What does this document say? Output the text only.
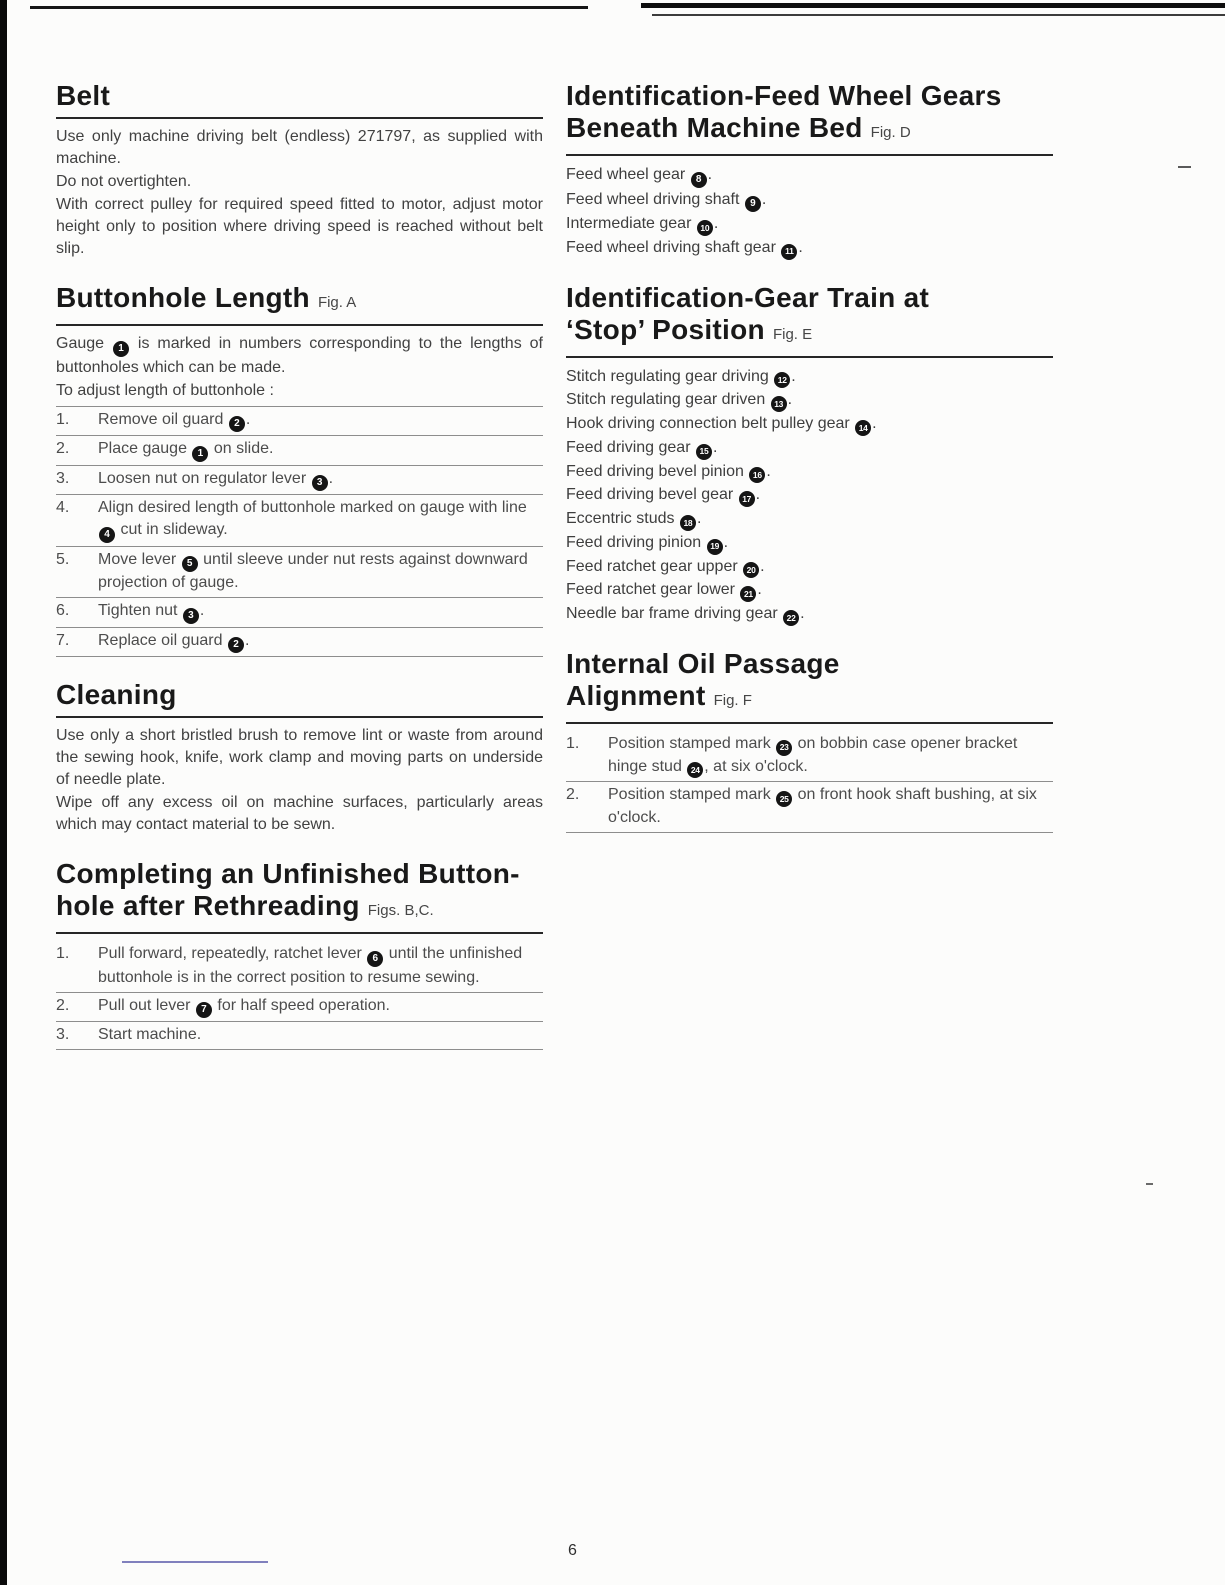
Belt
Use only machine driving belt (endless) 271797, as supplied with machine.
Do not overtighten.
With correct pulley for required speed fitted to motor, adjust motor height only to position where driving speed is reached without belt slip.
Buttonhole Length Fig. A
Gauge 1 is marked in numbers corresponding to the lengths of buttonholes which can be made.
To adjust length of buttonhole :
1.	Remove oil guard 2 .
2.	Place gauge 1 on slide.
3.	Loosen nut on regulator lever 3 .
4.	Align desired length of buttonhole marked on gauge with line 4 cut in slideway.
5.	Move lever 5 until sleeve under nut rests against downward projection of gauge.
6.	Tighten nut 3 .
7.	Replace oil guard 2 .
Cleaning
Use only a short bristled brush to remove lint or waste from around the sewing hook, knife, work clamp and moving parts on underside of needle plate.
Wipe off any excess oil on machine surfaces, particularly areas which may contact material to be sewn.
Completing an Unfinished Button-
hole after Rethreading Figs. B,C.
1.	Pull forward, repeatedly, ratchet lever 6 until the unfinished buttonhole is in the correct position to resume sewing.
2.	Pull out lever 7 for half speed operation.
3.	Start machine.
Identification-Feed Wheel Gears
Beneath Machine Bed Fig. D
Feed wheel gear 8 .
Feed wheel driving shaft 9 .
Intermediate gear 10 .
Feed wheel driving shaft gear 11 .
Identification-Gear Train at
‘Stop’ Position Fig. E
Stitch regulating gear driving 12 .
Stitch regulating gear driven 13 .
Hook driving connection belt pulley gear 14 .
Feed driving gear 15 .
Feed driving bevel pinion 16 .
Feed driving bevel gear 17 .
Eccentric studs 18 .
Feed driving pinion 19 .
Feed ratchet gear upper 20 .
Feed ratchet gear lower 21 .
Needle bar frame driving gear 22 .
Internal Oil Passage
Alignment Fig. F
1.	Position stamped mark 23 on bobbin case opener bracket hinge stud 24 , at six o'clock.
2.	Position stamped mark 25 on front hook shaft bushing, at six o'clock.
6
